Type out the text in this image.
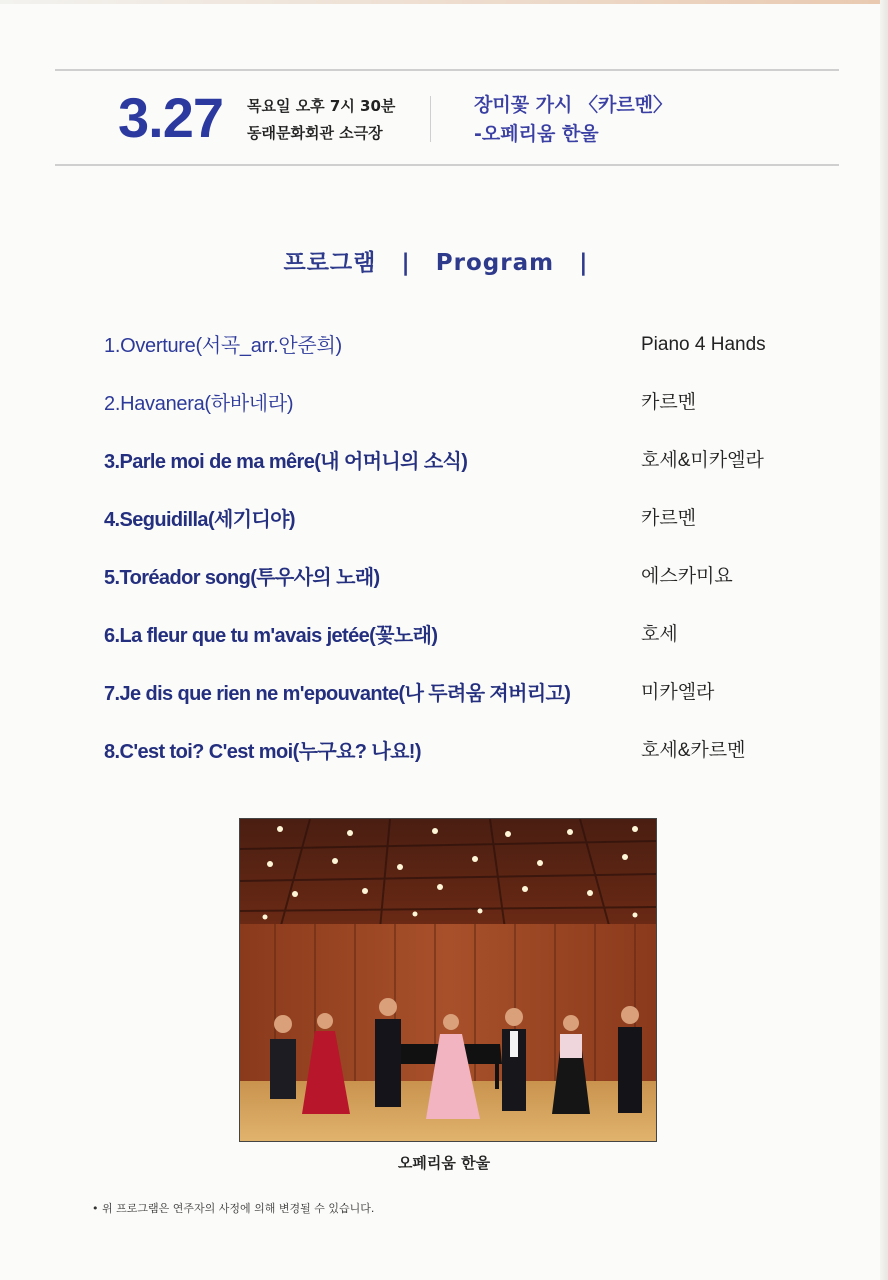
3.27 목요일 오후 7시 30분
동래문화회관 소극장
장미꽃 가시 〈카르멘〉
-오페리움 한울
프로그램 | Program |
1.Overture(서곡_arr.안준희)	Piano 4 Hands
2.Havanera(하바네라)	카르멘
3.Parle moi de ma mêre(내 어머니의 소식)	호세&미카엘라
4.Seguidilla(세기디야)	카르멘
5.Toréador song(투우사의 노래)	에스카미요
6.La fleur que tu m'avais jetée(꽃노래)	호세
7.Je dis que rien ne m'epouvante(나 두려움 져버리고)	미카엘라
8.C'est toi? C'est moi(누구요? 나요!)	호세&카르멘
오페리움 한울
• 위 프로그램은 연주자의 사정에 의해 변경될 수 있습니다.
